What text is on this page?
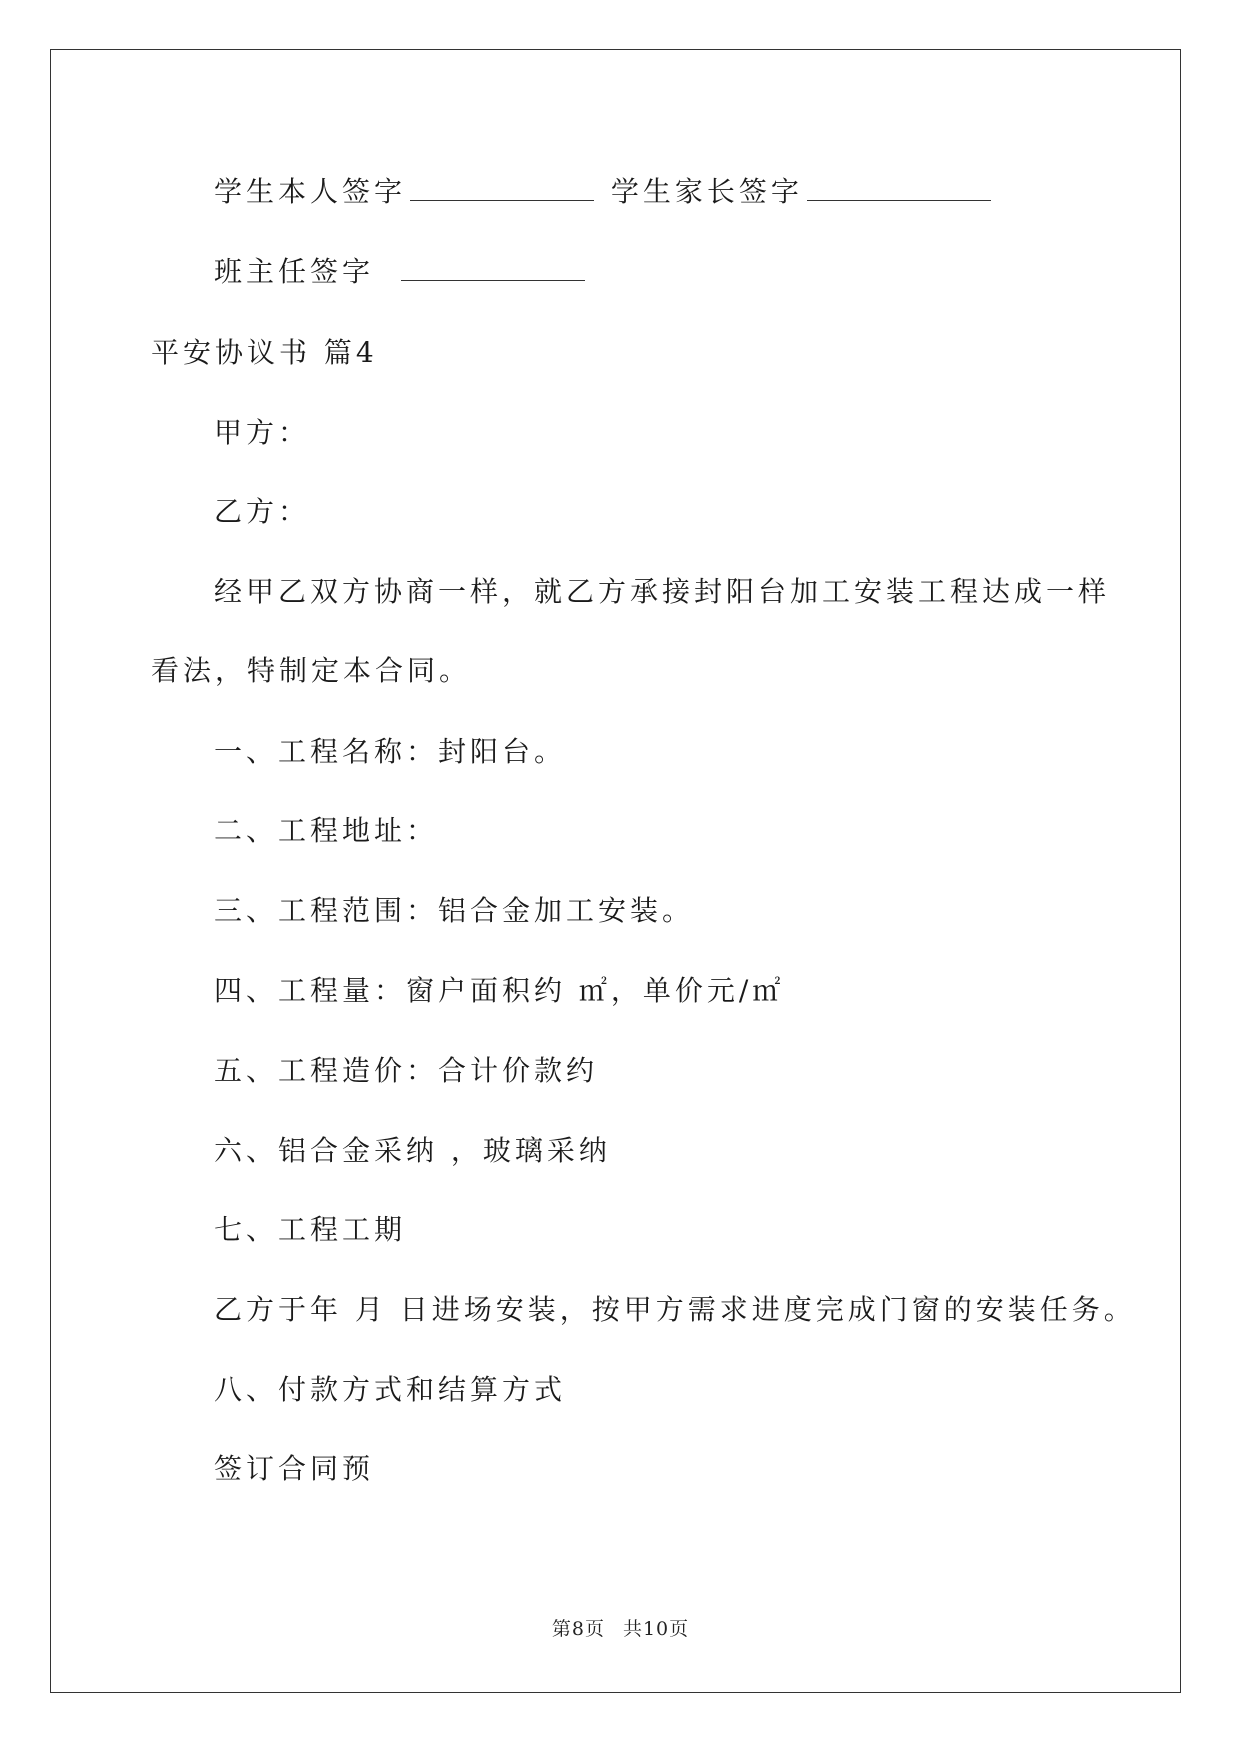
学生本人签字	学生家长签字
班主任签字
平安协议书 篇4
甲方：
乙方：
经甲乙双方协商一样，就乙方承接封阳台加工安装工程达成一样
看法，特制定本合同。
一、工程名称：封阳台。
二、工程地址：
三、工程范围：铝合金加工安装。
四、工程量：窗户面积约 ㎡，单价元/㎡
五、工程造价：合计价款约
六、铝合金采纳 ，玻璃采纳
七、工程工期
乙方于年 月 日进场安装，按甲方需求进度完成门窗的安装任务。
八、付款方式和结算方式
签订合同预
第8页 共10页
